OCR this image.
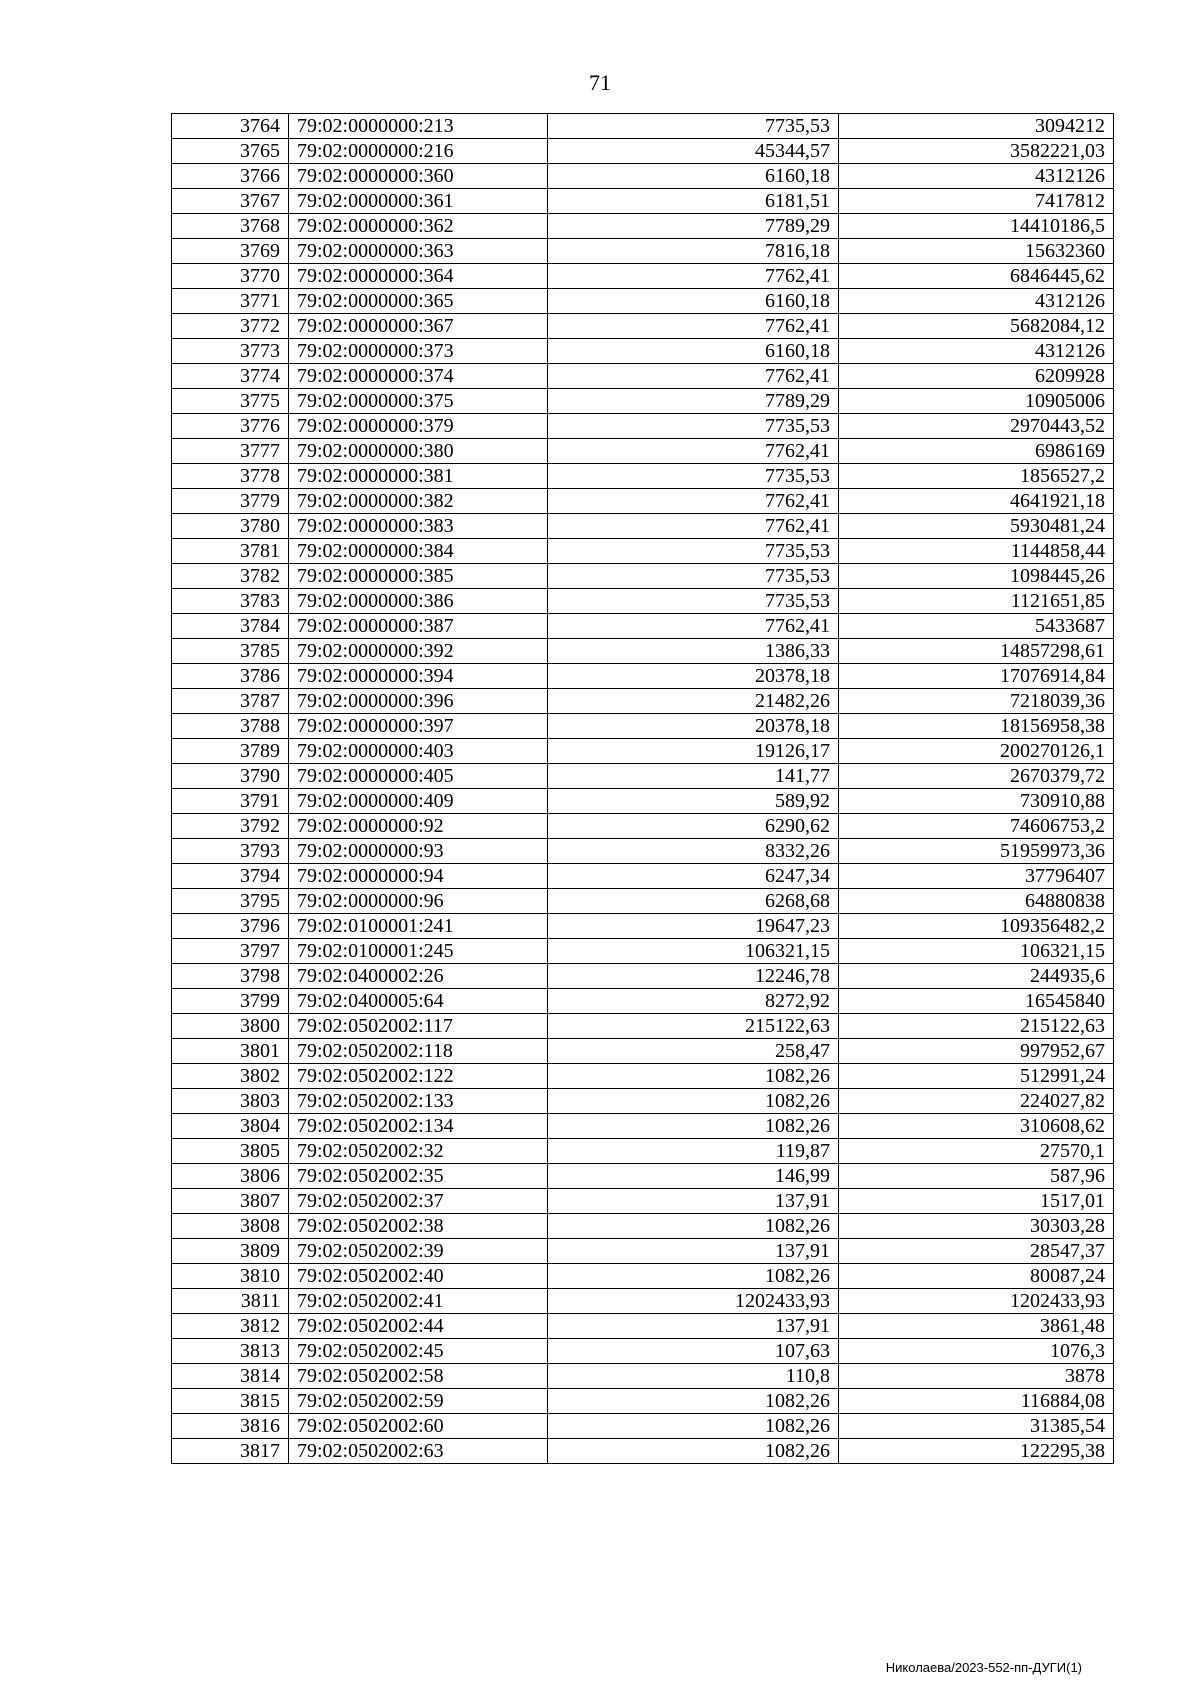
71
3764	79:02:0000000:213	7735,53	3094212
3765	79:02:0000000:216	45344,57	3582221,03
3766	79:02:0000000:360	6160,18	4312126
3767	79:02:0000000:361	6181,51	7417812
3768	79:02:0000000:362	7789,29	14410186,5
3769	79:02:0000000:363	7816,18	15632360
3770	79:02:0000000:364	7762,41	6846445,62
3771	79:02:0000000:365	6160,18	4312126
3772	79:02:0000000:367	7762,41	5682084,12
3773	79:02:0000000:373	6160,18	4312126
3774	79:02:0000000:374	7762,41	6209928
3775	79:02:0000000:375	7789,29	10905006
3776	79:02:0000000:379	7735,53	2970443,52
3777	79:02:0000000:380	7762,41	6986169
3778	79:02:0000000:381	7735,53	1856527,2
3779	79:02:0000000:382	7762,41	4641921,18
3780	79:02:0000000:383	7762,41	5930481,24
3781	79:02:0000000:384	7735,53	1144858,44
3782	79:02:0000000:385	7735,53	1098445,26
3783	79:02:0000000:386	7735,53	1121651,85
3784	79:02:0000000:387	7762,41	5433687
3785	79:02:0000000:392	1386,33	14857298,61
3786	79:02:0000000:394	20378,18	17076914,84
3787	79:02:0000000:396	21482,26	7218039,36
3788	79:02:0000000:397	20378,18	18156958,38
3789	79:02:0000000:403	19126,17	200270126,1
3790	79:02:0000000:405	141,77	2670379,72
3791	79:02:0000000:409	589,92	730910,88
3792	79:02:0000000:92	6290,62	74606753,2
3793	79:02:0000000:93	8332,26	51959973,36
3794	79:02:0000000:94	6247,34	37796407
3795	79:02:0000000:96	6268,68	64880838
3796	79:02:0100001:241	19647,23	109356482,2
3797	79:02:0100001:245	106321,15	106321,15
3798	79:02:0400002:26	12246,78	244935,6
3799	79:02:0400005:64	8272,92	16545840
3800	79:02:0502002:117	215122,63	215122,63
3801	79:02:0502002:118	258,47	997952,67
3802	79:02:0502002:122	1082,26	512991,24
3803	79:02:0502002:133	1082,26	224027,82
3804	79:02:0502002:134	1082,26	310608,62
3805	79:02:0502002:32	119,87	27570,1
3806	79:02:0502002:35	146,99	587,96
3807	79:02:0502002:37	137,91	1517,01
3808	79:02:0502002:38	1082,26	30303,28
3809	79:02:0502002:39	137,91	28547,37
3810	79:02:0502002:40	1082,26	80087,24
3811	79:02:0502002:41	1202433,93	1202433,93
3812	79:02:0502002:44	137,91	3861,48
3813	79:02:0502002:45	107,63	1076,3
3814	79:02:0502002:58	110,8	3878
3815	79:02:0502002:59	1082,26	116884,08
3816	79:02:0502002:60	1082,26	31385,54
3817	79:02:0502002:63	1082,26	122295,38
Николаева/2023-552-пп-ДУГИ(1)
